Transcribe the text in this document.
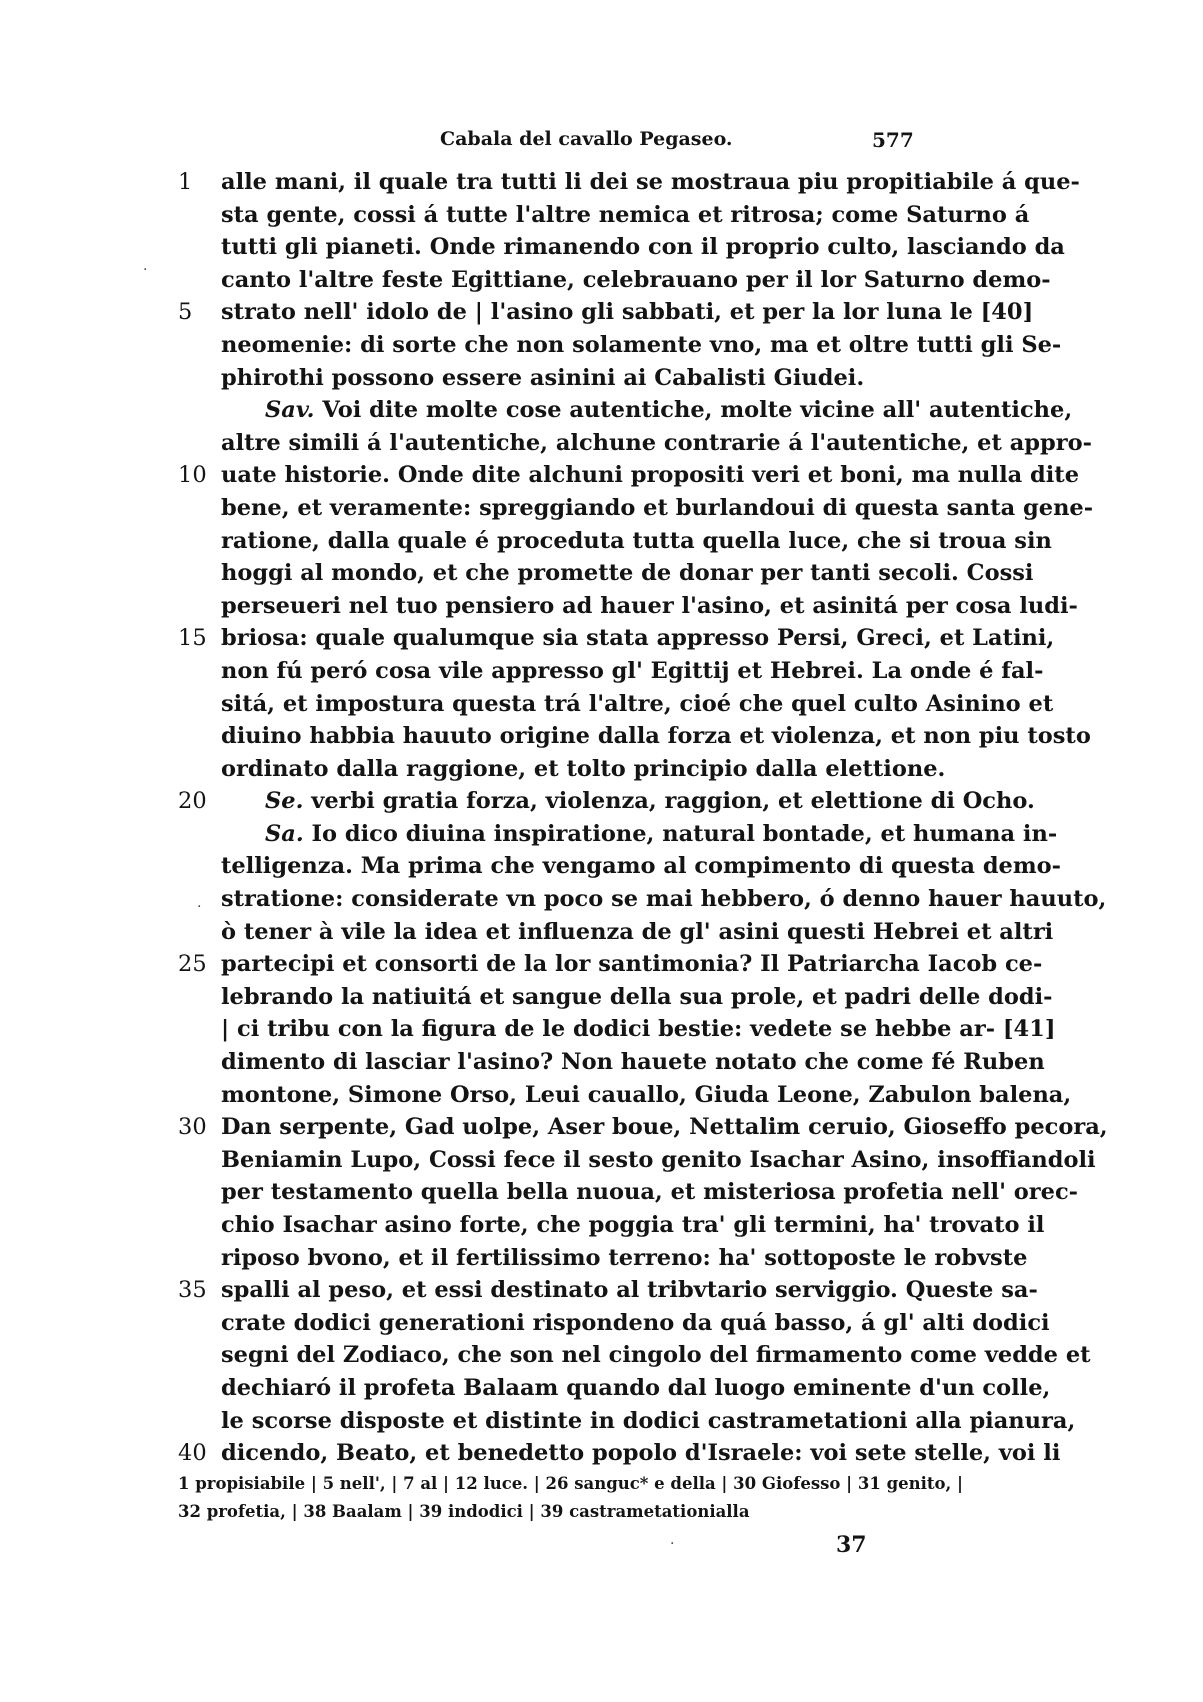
Cabala del cavallo Pegaseo.	577
1	alle mani, il quale tra tutti li dei se mostraua piu propitiabile á que-
sta gente, cossi á tutte l'altre nemica et ritrosa; come Saturno á
tutti gli pianeti. Onde rimanendo con il proprio culto, lasciando da
canto l'altre feste Egittiane, celebrauano per il lor Saturno demo-
5	strato nell' idolo de | l'asino gli sabbati, et per la lor luna le [40]
neomenie: di sorte che non solamente vno, ma et oltre tutti gli Se-
phirothi possono essere asinini ai Cabalisti Giudei.
Sav. Voi dite molte cose autentiche, molte vicine all' autentiche,
altre simili á l'autentiche, alchune contrarie á l'autentiche, et appro-
10 uate historie. Onde dite alchuni propositi veri et boni, ma nulla dite
bene, et veramente: spreggiando et burlandoui di questa santa gene-
ratione, dalla quale é proceduta tutta quella luce, che si troua sin
hoggi al mondo, et che promette de donar per tanti secoli. Cossi
perseueri nel tuo pensiero ad hauer l'asino, et asinitá per cosa ludi-
15 briosa: quale qualumque sia stata appresso Persi, Greci, et Latini,
non fú peró cosa vile appresso gl' Egittij et Hebrei. La onde é fal-
sitá, et impostura questa trá l'altre, cioé che quel culto Asinino et
diuino habbia hauuto origine dalla forza et violenza, et non piu tosto
ordinato dalla raggione, et tolto principio dalla elettione.
20	Se. verbi gratia forza, violenza, raggion, et elettione di Ocho.
Sa. Io dico diuina inspiratione, natural bontade, et humana in-
telligenza. Ma prima che vengamo al compimento di questa demo-
stratione: considerate vn poco se mai hebbero, ó denno hauer hauuto,
ò tener à vile la idea et influenza de gl' asini questi Hebrei et altri
25 partecipi et consorti de la lor santimonia? Il Patriarcha Iacob ce-
lebrando la natiuitá et sangue della sua prole, et padri delle dodi-
| ci tribu con la figura de le dodici bestie: vedete se hebbe ar- [41]
dimento di lasciar l'asino? Non hauete notato che come fé Ruben
montone, Simone Orso, Leui cauallo, Giuda Leone, Zabulon balena,
30 Dan serpente, Gad uolpe, Aser boue, Nettalim ceruio, Gioseffo pecora,
Beniamin Lupo, Cossi fece il sesto genito Isachar Asino, insoffiandoli
per testamento quella bella nuoua, et misteriosa profetia nell' orec-
chio Isachar asino forte, che poggia tra' gli termini, ha' trovato il
riposo bvono, et il fertilissimo terreno: ha' sottoposte le robvste
35 spalli al peso, et essi destinato al tribvtario serviggio. Queste sa-
crate dodici generationi rispondeno da quá basso, á gl' alti dodici
segni del Zodiaco, che son nel cingolo del firmamento come vedde et
dechiaró il profeta Balaam quando dal luogo eminente d'un colle,
le scorse disposte et distinte in dodici castrametationi alla pianura,
40 dicendo, Beato, et benedetto popolo d'Israele: voi sete stelle, voi li
1 propisiabile | 5 nell', | 7 al | 12 luce. | 26 sanguc* e della | 30 Giofesso | 31 genito, |
32 profetia, | 38 Baalam | 39 indodici | 39 castrametationialla
37
.
.
.
